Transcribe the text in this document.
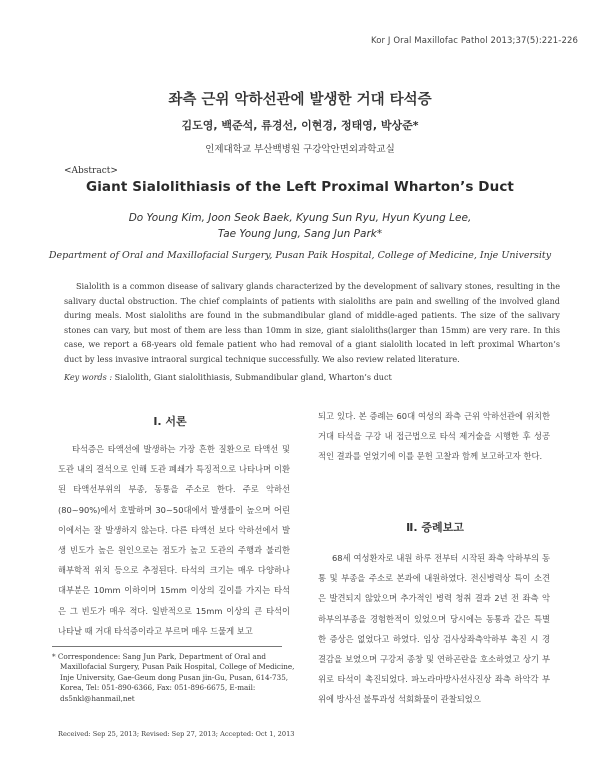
Kor J Oral Maxillofac Pathol 2013;37(5):221-226
좌측 근위 악하선관에 발생한 거대 타석증
김도영, 백준석, 류경선, 이현경, 정태영, 박상준*
인제대학교 부산백병원 구강악안면외과학교실
<Abstract>
Giant Sialolithiasis of the Left Proximal Wharton’s Duct
Do Young Kim, Joon Seok Baek, Kyung Sun Ryu, Hyun Kyung Lee,
Tae Young Jung, Sang Jun Park*
Department of Oral and Maxillofacial Surgery, Pusan Paik Hospital, College of Medicine, Inje University

Sialolith is a common disease of salivary glands characterized by the development of salivary stones, resulting in the salivary ductal obstruction. The chief complaints of patients with sialoliths are pain and swelling of the involved gland during meals. Most sialoliths are found in the submandibular gland of middle-aged patients. The size of the salivary stones can vary, but most of them are less than 10mm in size, giant sialoliths(larger than 15mm) are very rare. In this case, we report a 68-years old female patient who had removal of a giant sialolith located in left proximal Wharton’s duct by less invasive intraoral surgical technique successfully. We also review related literature.

Key words : Sialolith, Giant sialolithiasis, Submandibular gland, Wharton’s duct
Ⅰ. 서론

타석증은 타액선에 발생하는 가장 흔한 질환으로 타액선 및 도관 내의 결석으로 인해 도관 폐쇄가 특징적으로 나타나며 이환된 타액선부위의 부종, 동통을 주소로 한다. 주로 악하선(80~90%)에서 호발하며 30~50대에서 발생률이 높으며 어린이에서는 잘 발생하지 않는다. 다른 타액선 보다 악하선에서 발생 빈도가 높은 원인으로는 점도가 높고 도관의 주행과 불리한 해부학적 위치 등으로 추정된다. 타석의 크기는 매우 다양하나 대부분은 10mm 이하이며 15mm 이상의 길이를 가지는 타석은 그 빈도가 매우 적다. 일반적으로 15mm 이상의 큰 타석이 나타날 때 거대 타석증이라고 부르며 매우 드물게 보고

* Correspondence: Sang Jun Park, Department of Oral and Maxillofacial Surgery, Pusan Paik Hospital, College of Medicine, Inje University, Gae-Geum dong Pusan jin-Gu, Pusan, 614-735, Korea, Tel: 051-890-6366, Fax: 051-896-6675, E-mail: ds5nkl@hanmail,net

Received: Sep 25, 2013; Revised: Sep 27, 2013; Accepted: Oct 1, 2013

되고 있다. 본 증례는 60대 여성의 좌측 근위 악하선관에 위치한 거대 타석을 구강 내 접근법으로 타석 제거술을 시행한 후 성공적인 결과를 얻었기에 이를 문헌 고찰과 함께 보고하고자 한다.

Ⅱ. 증례보고

68세 여성환자로 내원 하루 전부터 시작된 좌측 악하부의 동통 및 부종을 주소로 본과에 내원하였다. 전신병력상 특이 소견은 발견되지 않았으며 추가적인 병력 청취 결과 2년 전 좌측 악하부의부종을 경험한적이 있었으며 당시에는 동통과 같은 특별한 증상은 없었다고 하였다. 임상 검사상좌측악하부 촉진 시 경결감을 보였으며 구강저 종창 및 연하곤란을 호소하였고 상기 부위로 타석이 촉진되었다. 파노라마방사선사진상 좌측 하악각 부위에 방사선 불투과성 석회화물이 관찰되었으
